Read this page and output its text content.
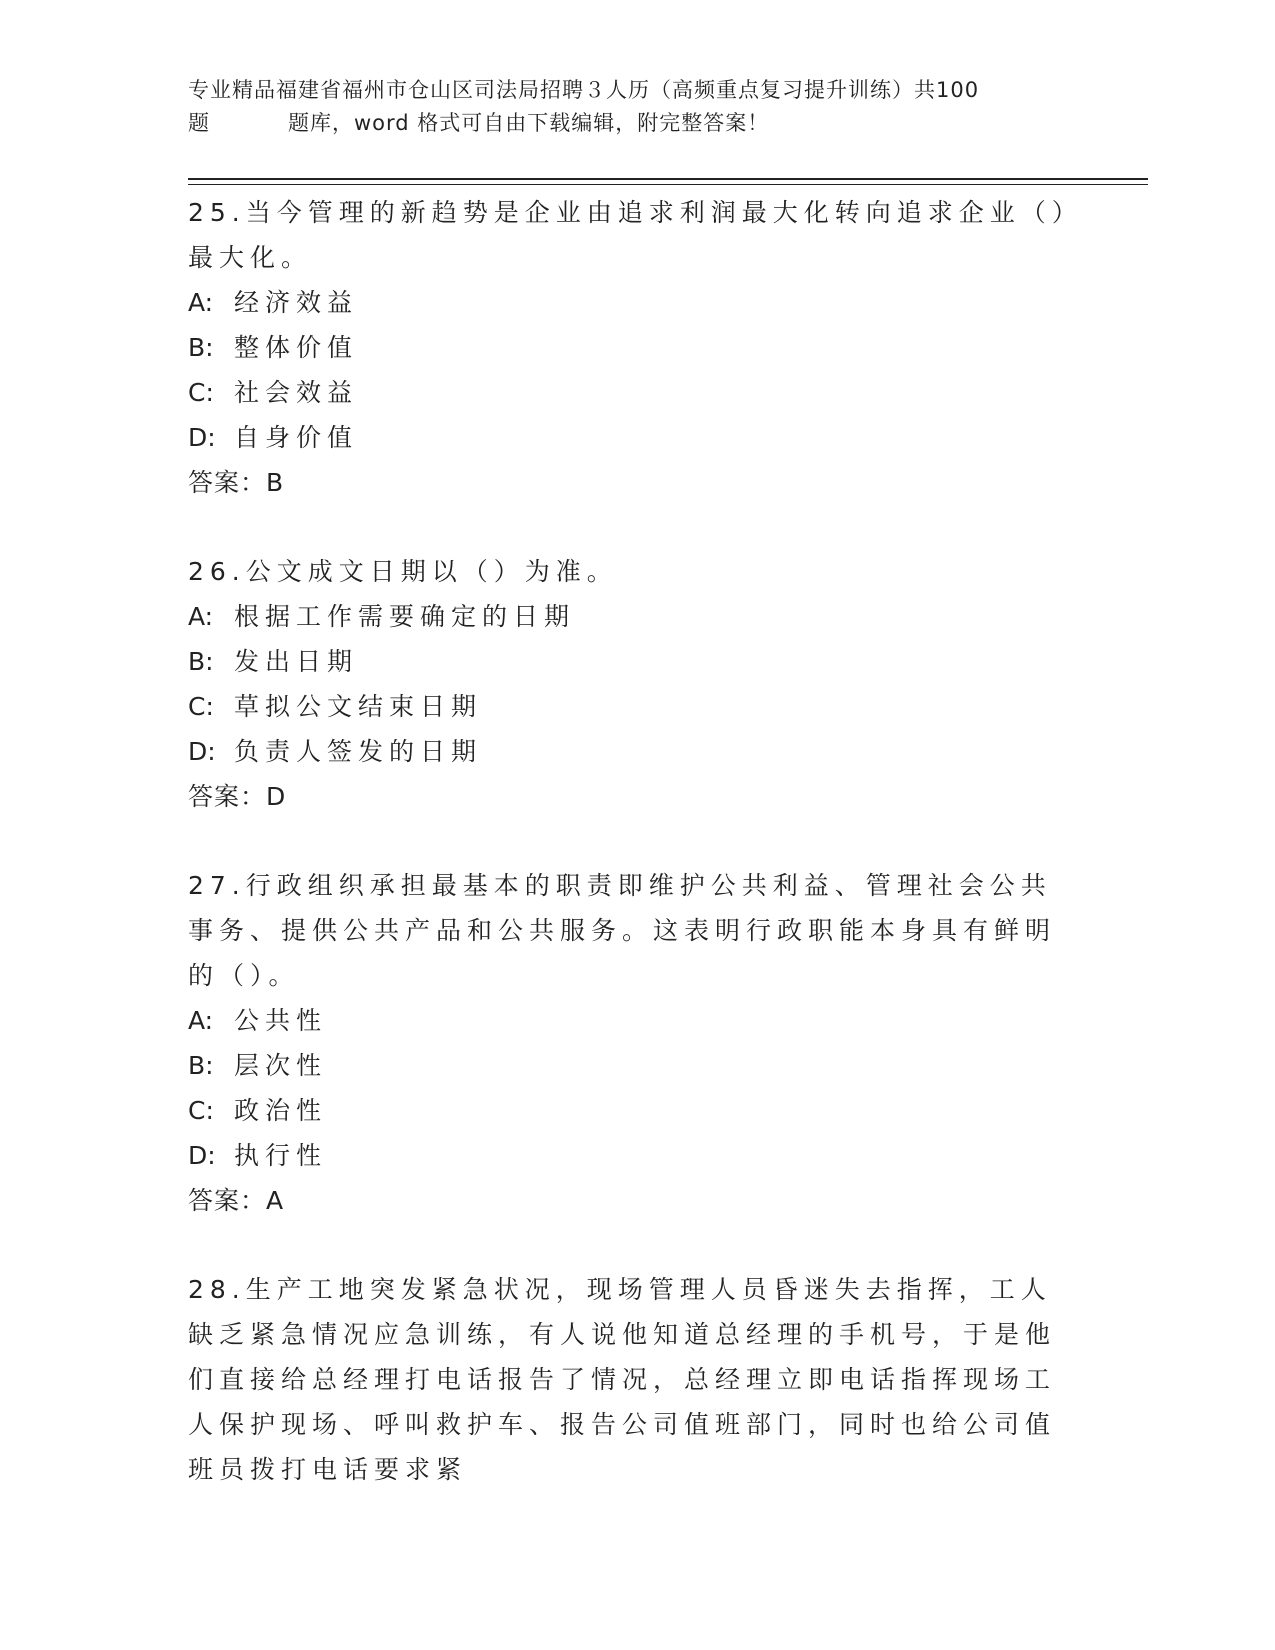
专业精品福建省福州市仓山区司法局招聘３人历（高频重点复习提升训练）共100
题	题库，word 格式可自由下载编辑，附完整答案！
25.当今管理的新趋势是企业由追求利润最大化转向追求企业（）最大化。
A: 经济效益
B: 整体价值
C: 社会效益
D: 自身价值
答案：B
26.公文成文日期以（）为准。
A: 根据工作需要确定的日期
B: 发出日期
C: 草拟公文结束日期
D: 负责人签发的日期
答案：D
27.行政组织承担最基本的职责即维护公共利益、管理社会公共事务、提供公共产品和公共服务。这表明行政职能本身具有鲜明的（）。
A: 公共性
B: 层次性
C: 政治性
D: 执行性
答案：A
28.生产工地突发紧急状况，现场管理人员昏迷失去指挥，工人缺乏紧急情况应急训练，有人说他知道总经理的手机号，于是他们直接给总经理打电话报告了情况，总经理立即电话指挥现场工人保护现场、呼叫救护车、报告公司值班部门，同时也给公司值班员拨打电话要求紧
